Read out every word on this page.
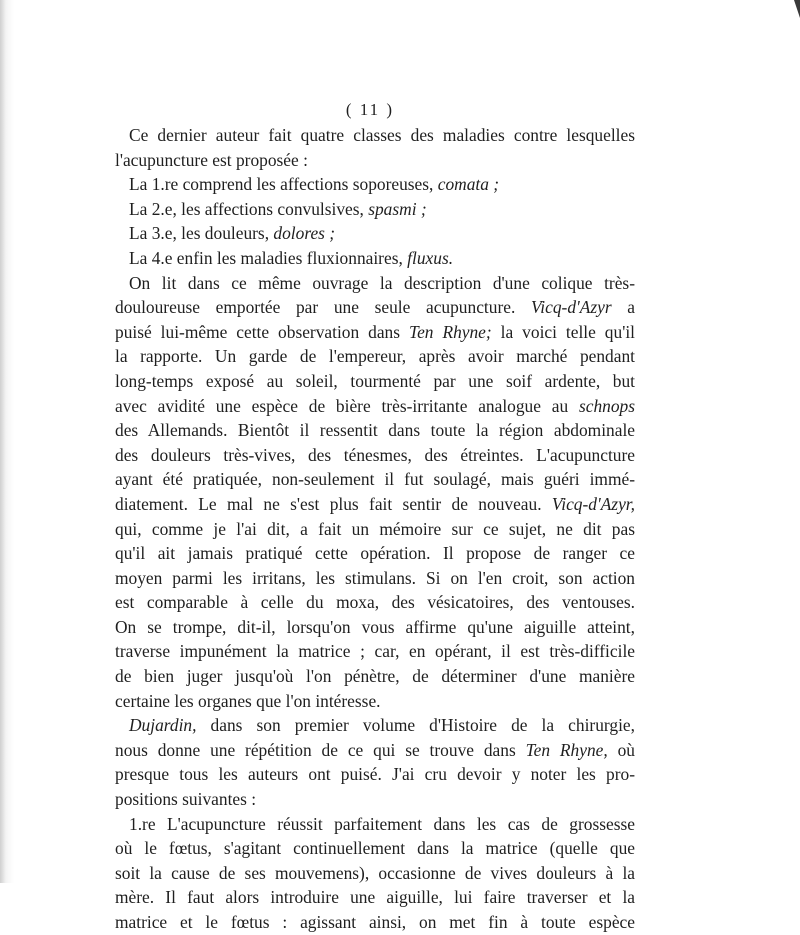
( 11 )
Ce dernier auteur fait quatre classes des maladies contre lesquelles
l'acupuncture est proposée :
La 1.re comprend les affections soporeuses, comata ;
La 2.e, les affections convulsives, spasmi ;
La 3.e, les douleurs, dolores ;
La 4.e enfin les maladies fluxionnaires, fluxus.
On lit dans ce même ouvrage la description d'une colique très-
douloureuse emportée par une seule acupuncture. Vicq-d'Azyr a
puisé lui-même cette observation dans Ten Rhyne; la voici telle qu'il
la rapporte. Un garde de l'empereur, après avoir marché pendant
long-temps exposé au soleil, tourmenté par une soif ardente, but
avec avidité une espèce de bière très-irritante analogue au schnops
des Allemands. Bientôt il ressentit dans toute la région abdominale
des douleurs très-vives, des ténesmes, des étreintes. L'acupuncture
ayant été pratiquée, non-seulement il fut soulagé, mais guéri immé-
diatement. Le mal ne s'est plus fait sentir de nouveau. Vicq-d'Azyr,
qui, comme je l'ai dit, a fait un mémoire sur ce sujet, ne dit pas
qu'il ait jamais pratiqué cette opération. Il propose de ranger ce
moyen parmi les irritans, les stimulans. Si on l'en croit, son action
est comparable à celle du moxa, des vésicatoires, des ventouses.
On se trompe, dit-il, lorsqu'on vous affirme qu'une aiguille atteint,
traverse impunément la matrice ; car, en opérant, il est très-difficile
de bien juger jusqu'où l'on pénètre, de déterminer d'une manière
certaine les organes que l'on intéresse.
Dujardin, dans son premier volume d'Histoire de la chirurgie,
nous donne une répétition de ce qui se trouve dans Ten Rhyne, où
presque tous les auteurs ont puisé. J'ai cru devoir y noter les pro-
positions suivantes :
1.re L'acupuncture réussit parfaitement dans les cas de grossesse
où le fœtus, s'agitant continuellement dans la matrice (quelle que
soit la cause de ses mouvemens), occasionne de vives douleurs à la
mère. Il faut alors introduire une aiguille, lui faire traverser et la
matrice et le fœtus : agissant ainsi, on met fin à toute espèce
